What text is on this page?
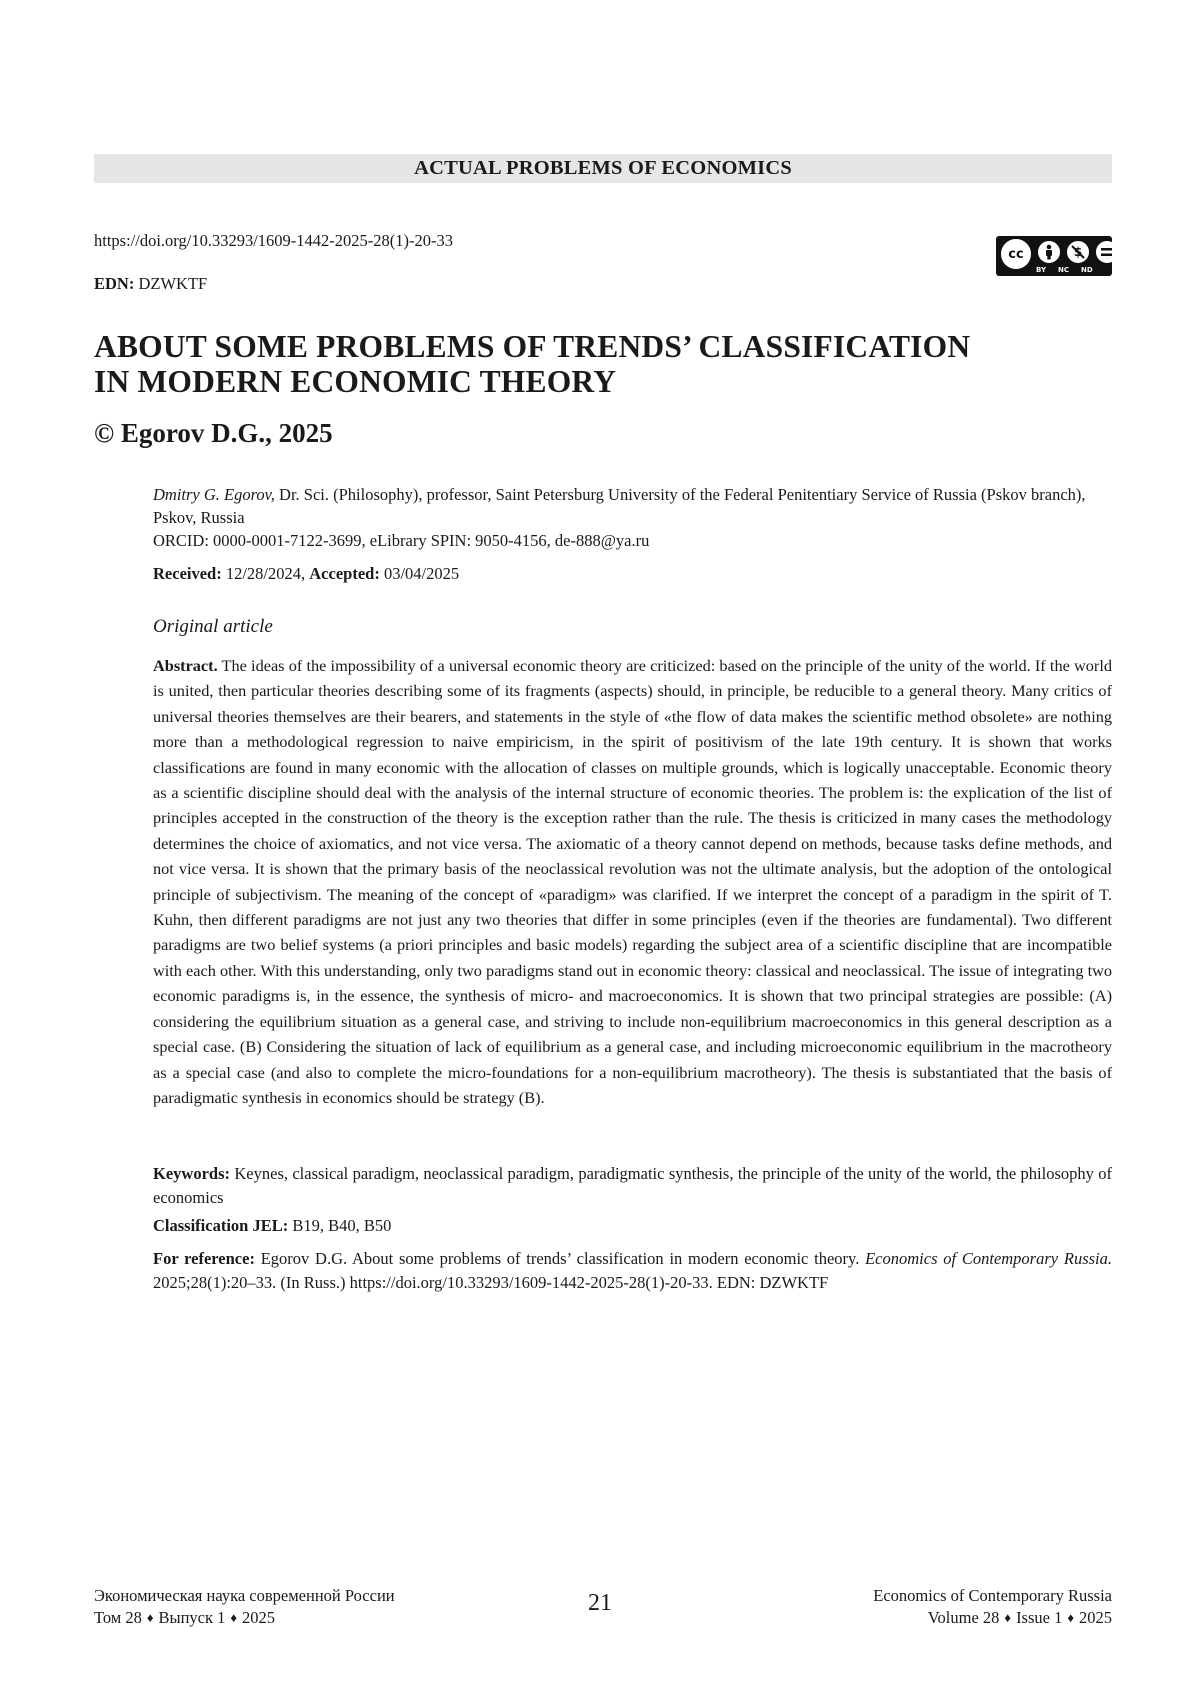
ACTUAL PROBLEMS OF ECONOMICS
https://doi.org/10.33293/1609-1442-2025-28(1)-20-33
EDN: DZWKTF
cc
BY NC ND
ABOUT SOME PROBLEMS OF TRENDS’ CLASSIFICATION
IN MODERN ECONOMIC THEORY
© Egorov D.G., 2025
Dmitry G. Egorov, Dr. Sci. (Philosophy), professor, Saint Petersburg University of the Federal Penitentiary Service of Russia (Pskov branch), Pskov, Russia
ORCID: 0000-0001-7122-3699, eLibrary SPIN: 9050-4156, de-888@ya.ru
Received: 12/28/2024, Accepted: 03/04/2025
Original article
Abstract. The ideas of the impossibility of a universal economic theory are criticized: based on the principle of the unity of the world. If the world is united, then particular theories describing some of its fragments (aspects) should, in principle, be reducible to a general theory. Many critics of universal theories themselves are their bearers, and statements in the style of «the flow of data makes the scientific method obsolete» are nothing more than a methodological regression to naive empiricism, in the spirit of positivism of the late 19th century. It is shown that works classifications are found in many economic with the allocation of classes on multiple grounds, which is logically unacceptable. Economic theory as a scientific discipline should deal with the analysis of the internal structure of economic theories. The problem is: the explication of the list of principles accepted in the construction of the theory is the exception rather than the rule. The thesis is criticized in many cases the methodology determines the choice of axiomatics, and not vice versa. The axiomatic of a theory cannot depend on methods, because tasks define methods, and not vice versa. It is shown that the primary basis of the neoclassical revolution was not the ultimate analysis, but the adoption of the ontological principle of subjectivism. The meaning of the concept of «paradigm» was clarified. If we interpret the concept of a paradigm in the spirit of T. Kuhn, then different paradigms are not just any two theories that differ in some principles (even if the theories are fundamental). Two different paradigms are two belief systems (a priori principles and basic models) regarding the subject area of a scientific discipline that are incompatible with each other. With this understanding, only two paradigms stand out in economic theory: classical and neoclassical. The issue of integrating two economic paradigms is, in the essence, the synthesis of micro- and macroeconomics. It is shown that two principal strategies are possible: (A) considering the equilibrium situation as a general case, and striving to include non-equilibrium macroeconomics in this general description as a special case. (B) Considering the situation of lack of equilibrium as a general case, and including microeconomic equilibrium in the macrotheory as a special case (and also to complete the micro-foundations for a non-equilibrium macrotheory). The thesis is substantiated that the basis of paradigmatic synthesis in economics should be strategy (B).
Keywords: Keynes, classical paradigm, neoclassical paradigm, paradigmatic synthesis, the principle of the unity of the world, the philosophy of economics
Classification JEL: B19, B40, B50
For reference: Egorov D.G. About some problems of trends’ classification in modern economic theory. Economics of Contemporary Russia. 2025;28(1):20–33. (In Russ.) https://doi.org/10.33293/1609-1442-2025-28(1)-20-33. EDN: DZWKTF
Экономическая наука современной России
Том 28 ♦ Выпуск 1 ♦ 2025
21	Economics of Contemporary Russia
Volume 28 ♦ Issue 1 ♦ 2025
